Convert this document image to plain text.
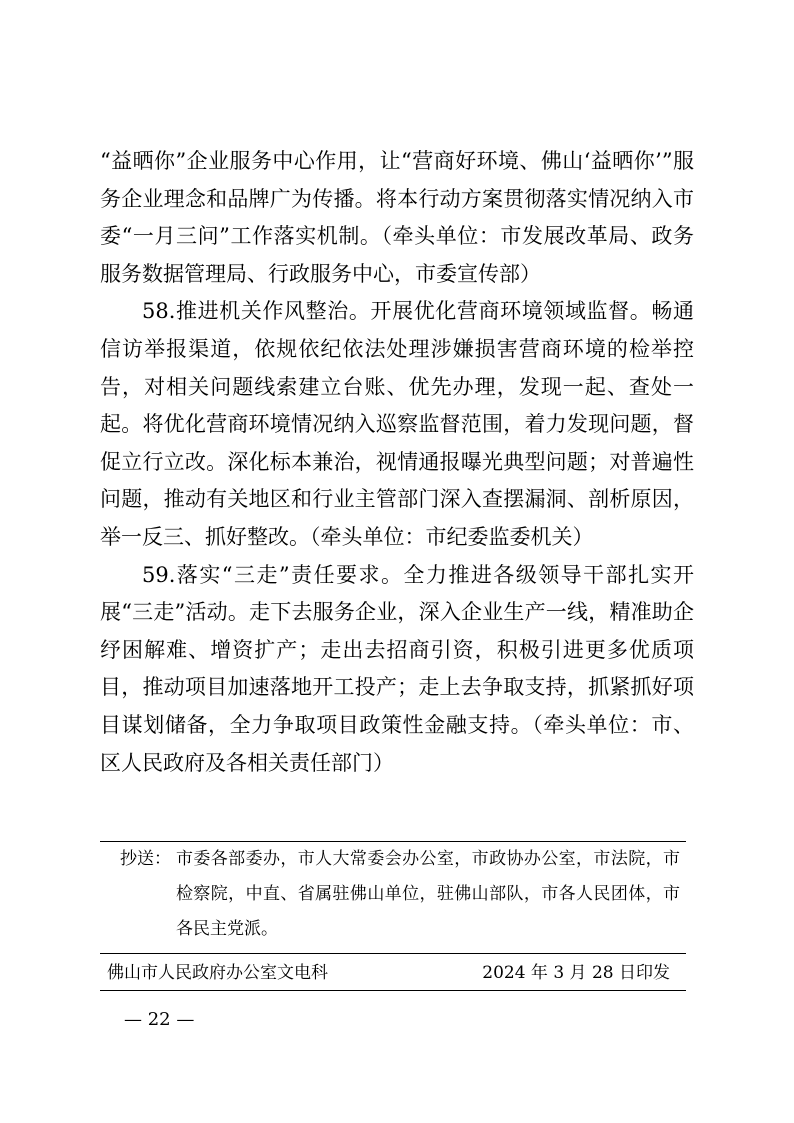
“益晒你”企业服务中心作用，让“营商好环境、佛山‘益晒你’”服务企业理念和品牌广为传播。将本行动方案贯彻落实情况纳入市委“一月三问”工作落实机制。（牵头单位：市发展改革局、政务服务数据管理局、行政服务中心，市委宣传部）

58.推进机关作风整治。开展优化营商环境领域监督。畅通信访举报渠道，依规依纪依法处理涉嫌损害营商环境的检举控告，对相关问题线索建立台账、优先办理，发现一起、查处一起。将优化营商环境情况纳入巡察监督范围，着力发现问题，督促立行立改。深化标本兼治，视情通报曝光典型问题；对普遍性问题，推动有关地区和行业主管部门深入查摆漏洞、剖析原因，举一反三、抓好整改。（牵头单位：市纪委监委机关）

59.落实“三走”责任要求。全力推进各级领导干部扎实开展“三走”活动。走下去服务企业，深入企业生产一线，精准助企纾困解难、增资扩产；走出去招商引资，积极引进更多优质项目，推动项目加速落地开工投产；走上去争取支持，抓紧抓好项目谋划储备，全力争取项目政策性金融支持。（牵头单位：市、区人民政府及各相关责任部门）

抄送： 市委各部委办，市人大常委会办公室，市政协办公室，市法院，市检察院，中直、省属驻佛山单位，驻佛山部队，市各人民团体，市各民主党派。
佛山市人民政府办公室文电科	2024 年 3 月 28 日印发
— 22 —
